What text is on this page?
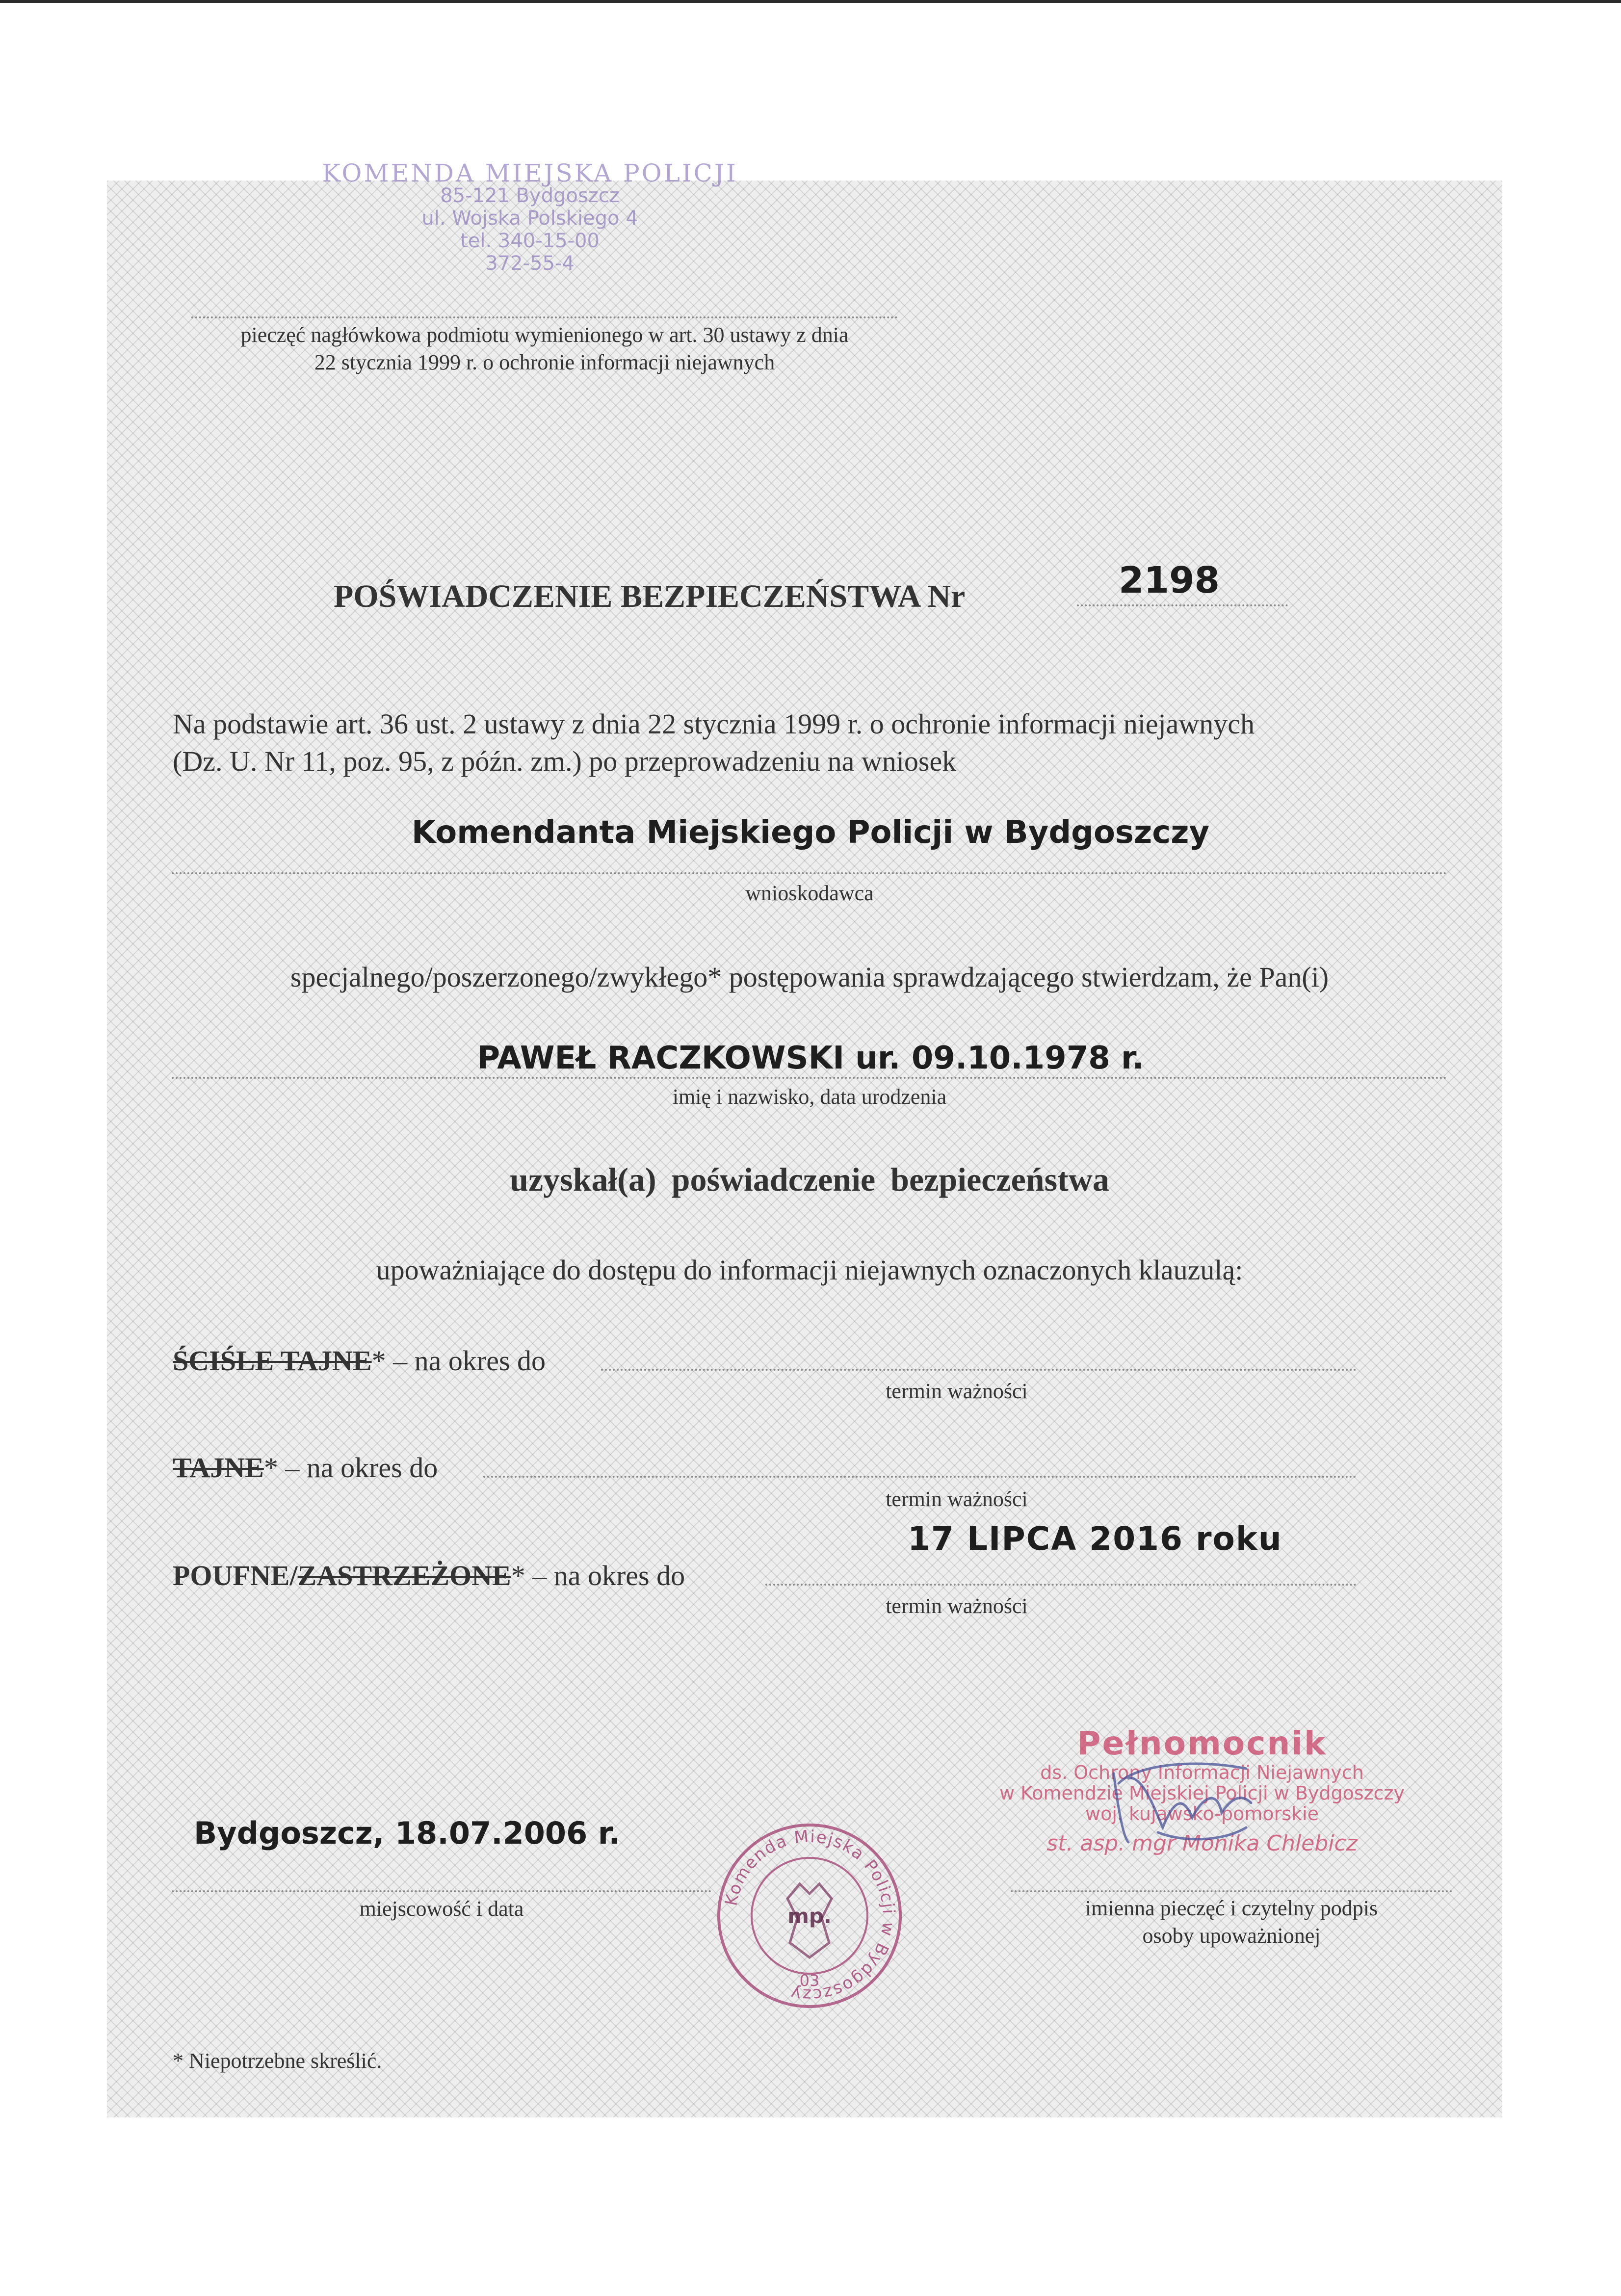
KOMENDA MIEJSKA POLICJI
85-121 Bydgoszcz
ul. Wojska Polskiego 4
tel. 340-15-00
372-55-4
pieczęć nagłówkowa podmiotu wymienionego w art. 30 ustawy z dnia
22 stycznia 1999 r. o ochronie informacji niejawnych
POŚWIADCZENIE BEZPIECZEŃSTWA Nr	2198
Na podstawie art. 36 ust. 2 ustawy z dnia 22 stycznia 1999 r. o ochronie informacji niejawnych
(Dz. U. Nr 11, poz. 95, z późn. zm.) po przeprowadzeniu na wniosek
Komendanta Miejskiego Policji w Bydgoszczy
wnioskodawca
specjalnego/poszerzonego/zwykłego* postępowania sprawdzającego stwierdzam, że Pan(i)
PAWEŁ RACZKOWSKI ur. 09.10.1978 r.
imię i nazwisko, data urodzenia
uzyskał(a) poświadczenie bezpieczeństwa
upoważniające do dostępu do informacji niejawnych oznaczonych klauzulą:
ŚCIŚLE TAJNE* – na okres do
termin ważności
TAJNE* – na okres do
termin ważności
17 LIPCA 2016 roku
POUFNE/ZASTRZEŻONE* – na okres do
termin ważności
Pełnomocnik
ds. Ochrony Informacji Niejawnych
w Komendzie Miejskiej Policji w Bydgoszczy
woj. kujawsko-pomorskie
st. asp. mgr Monika Chlebicz
Bydgoszcz, 18.07.2006 r.
miejscowość i data	Komenda Miejska Policji w Bydgoszczy
mp.
03
imienna pieczęć i czytelny podpis
osoby upoważnionej
* Niepotrzebne skreślić.
